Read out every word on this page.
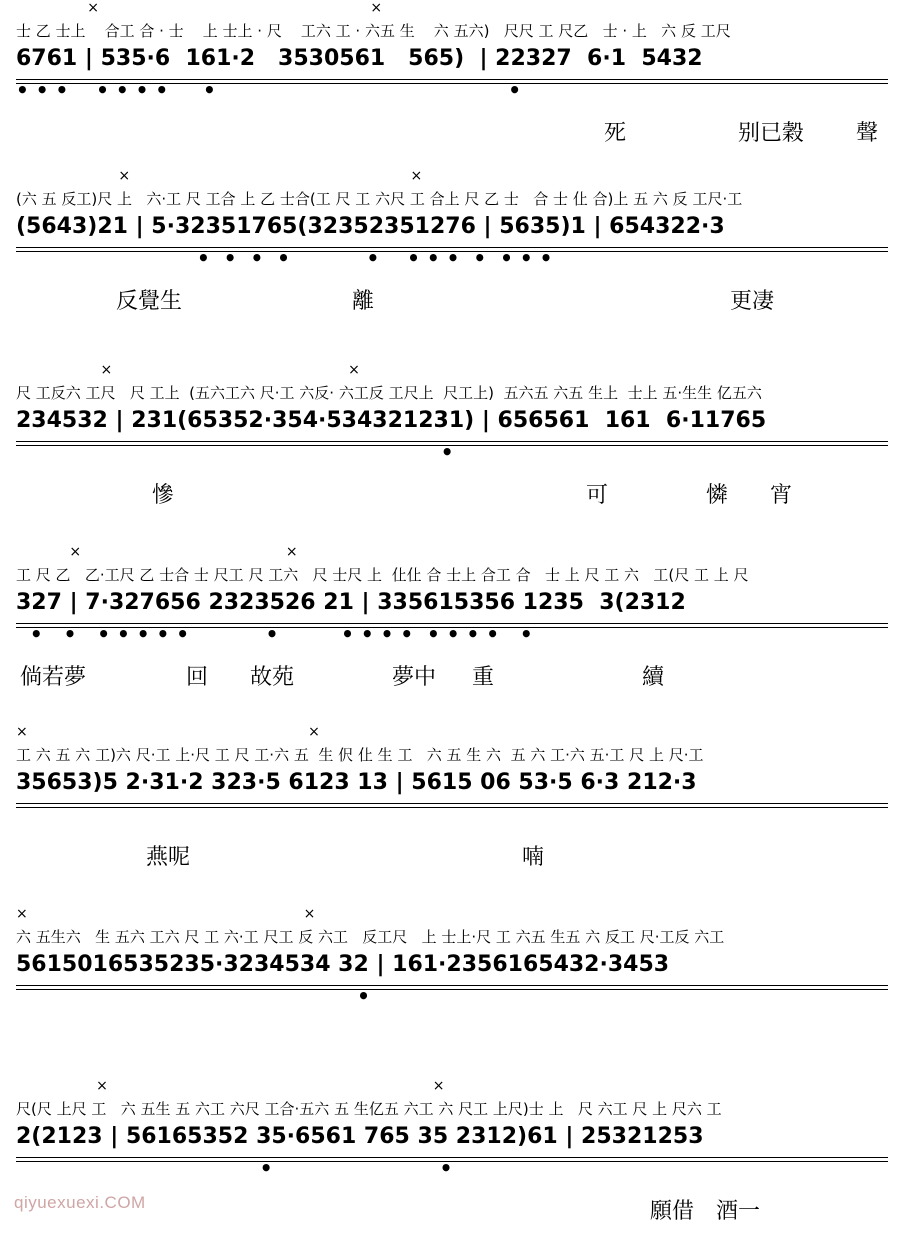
×                                                             ×
士 乙 士上    合工 合 · 士    上 士上 · 尺    工六 工 · 六五 生    六 五六)   尺尺 工 尺乙   士 · 上   六 反 工尺
6761 | 535·6  161·2   3530561   565)  | 22327  6·1  5432
• • •    • • • •     •                                          •
死	别已穀 聲
×                                                               ×
(六 五 反工)尺 上   六·工 尺 工合 上 乙 士合(工 尺 工 六尺 工 合上 尺 乙 士   合 士 仩 合)上 五 六 反 工尺·工
(5643)21 | 5·32351765(32352351276 | 5635)1 | 654322·3
•  •  •  •           •    • • •  •  • • •
反覺生	離	更凄
×                                                     ×
尺 工反六 工尺   尺 工上  (五六工六 尺·工 六反· 六工反 工尺上  尺工上)  五六五 六五 生上  士上 五·生生 亿五六
234532 | 231(65352·354·534321231) | 656561  161  6·11765
•
慘	可	憐 宵
×                                              ×
工 尺 乙   乙·工尺 乙 士合 士 尺工 尺 工六   尺 士尺 上  仩仩 合 士上 合工 合   士 上 尺 工 六   工(尺 工 上 尺
327 | 7·327656 2323526 21 | 335615356 1235  3(2312
•   •   • • • • •           •         • • • •  • • • •   •
倘若夢	回 故苑	夢中 重	續
×                                                               ×
工 六 五 六 工)六 尺·工 上·尺 工 尺 工·六 五  生 伬 仩 生 工   六 五 生 六  五 六 工·六 五·工 尺 上 尺·工
35653)5 2·31·2 323·5 6123 13 | 5615 06 53·5 6·3 212·3
燕呢	喃
×                                                              ×
六 五生六   生 五六 工六 尺 工 六·工 尺工 反 六工   反工尺   上 士上·尺 工 六五 生五 六 反工 尺·工反 六工
5615016535235·3234534 32 | 161·2356165432·3453
•
×                                                                         ×
尺(尺 上尺 工   六 五生 五 六工 六尺 工合·五六 五 生亿五 六工 六 尺工 上尺)士 上   尺 六工 尺 上 尺六 工
2(2123 | 56165352 35·6561 765 35 2312)61 | 25321253
•                        •
願借 酒一
qiyuexuexi.COM
